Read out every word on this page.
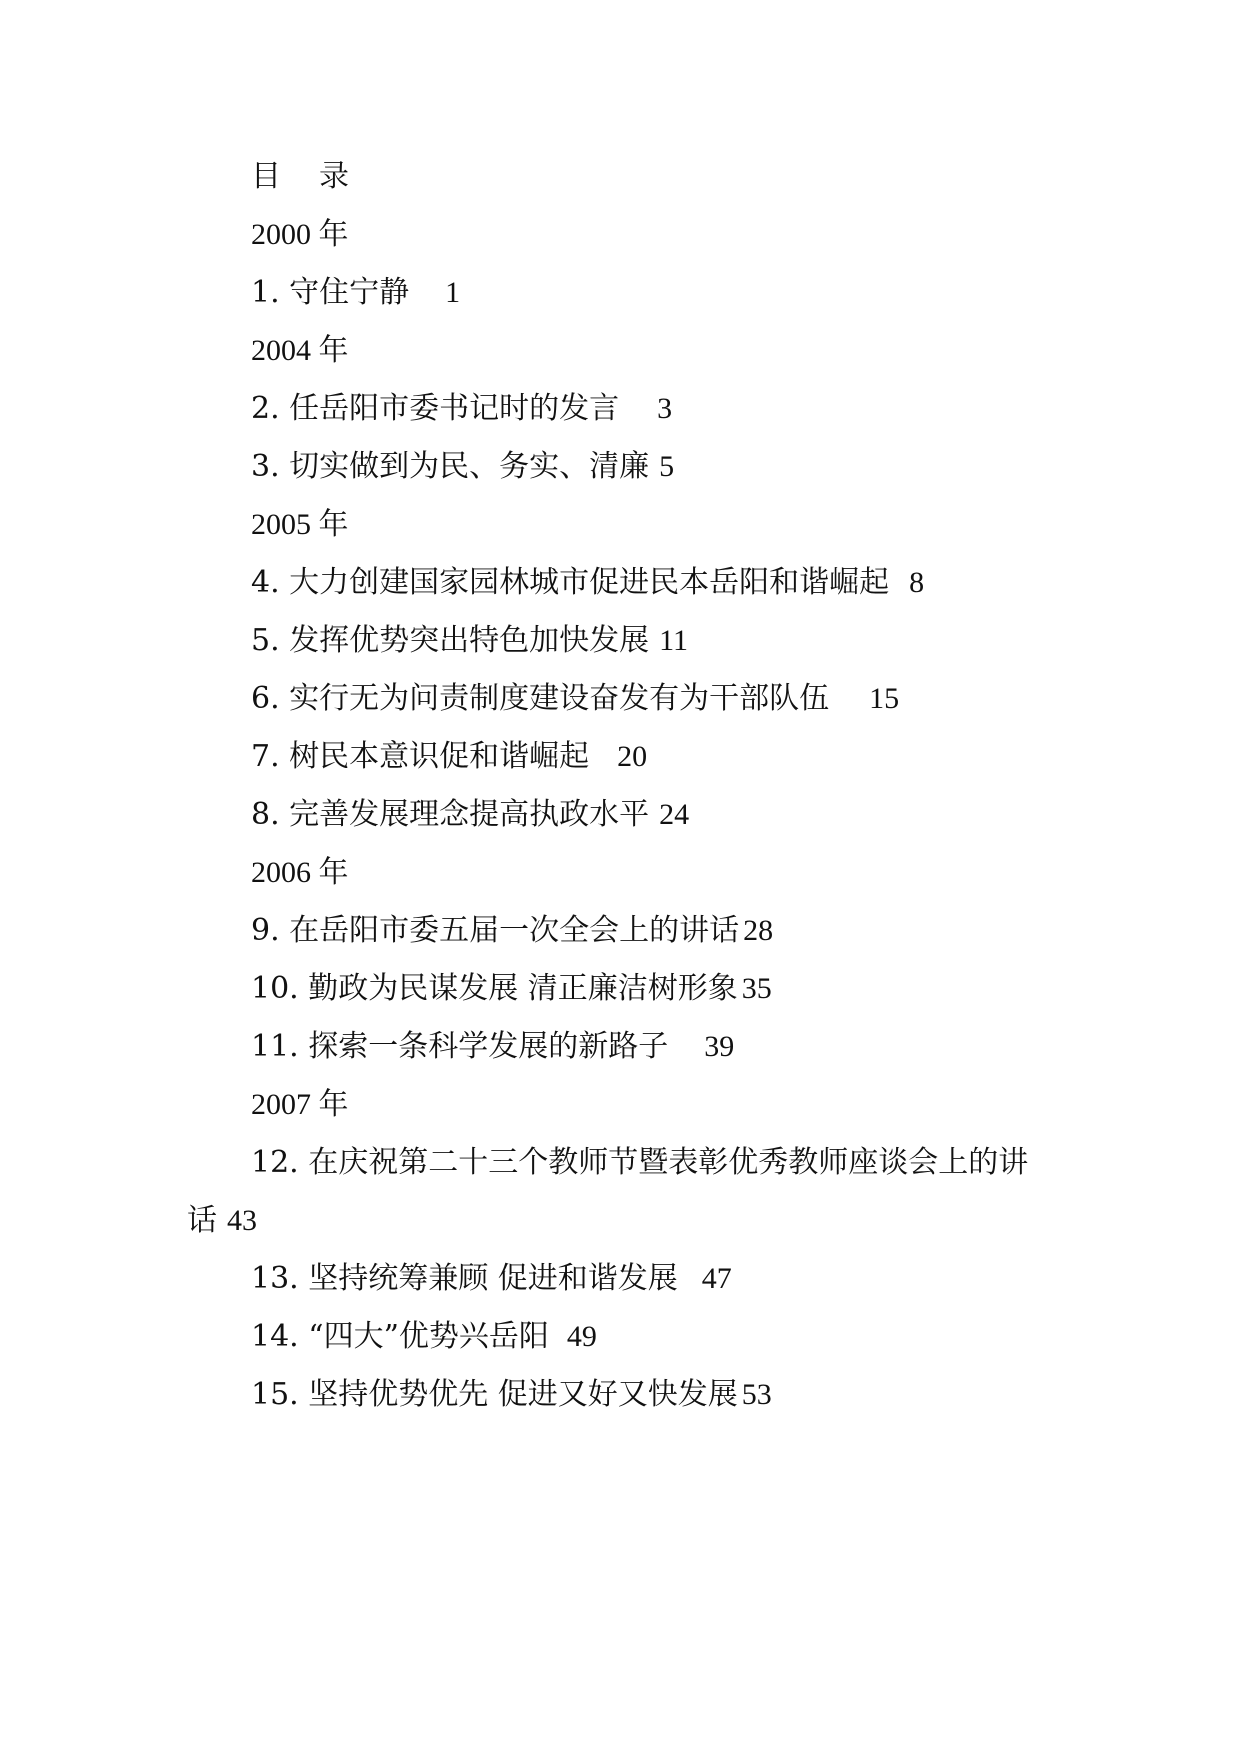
目 录
2000 年
1. 守住宁静 1
2004 年
2. 任岳阳市委书记时的发言 3
3. 切实做到为民、务实、清廉 5
2005 年
4. 大力创建国家园林城市促进民本岳阳和谐崛起 8
5. 发挥优势突出特色加快发展 11
6. 实行无为问责制度建设奋发有为干部队伍 15
7. 树民本意识促和谐崛起 20
8. 完善发展理念提高执政水平 24
2006 年
9. 在岳阳市委五届一次全会上的讲话 28
10. 勤政为民谋发展 清正廉洁树形象 35
11. 探索一条科学发展的新路子 39
2007 年
12. 在庆祝第二十三个教师节暨表彰优秀教师座谈会上的讲
话 43
13. 坚持统筹兼顾 促进和谐发展 47
14. “四大”优势兴岳阳 49
15. 坚持优势优先 促进又好又快发展 53
